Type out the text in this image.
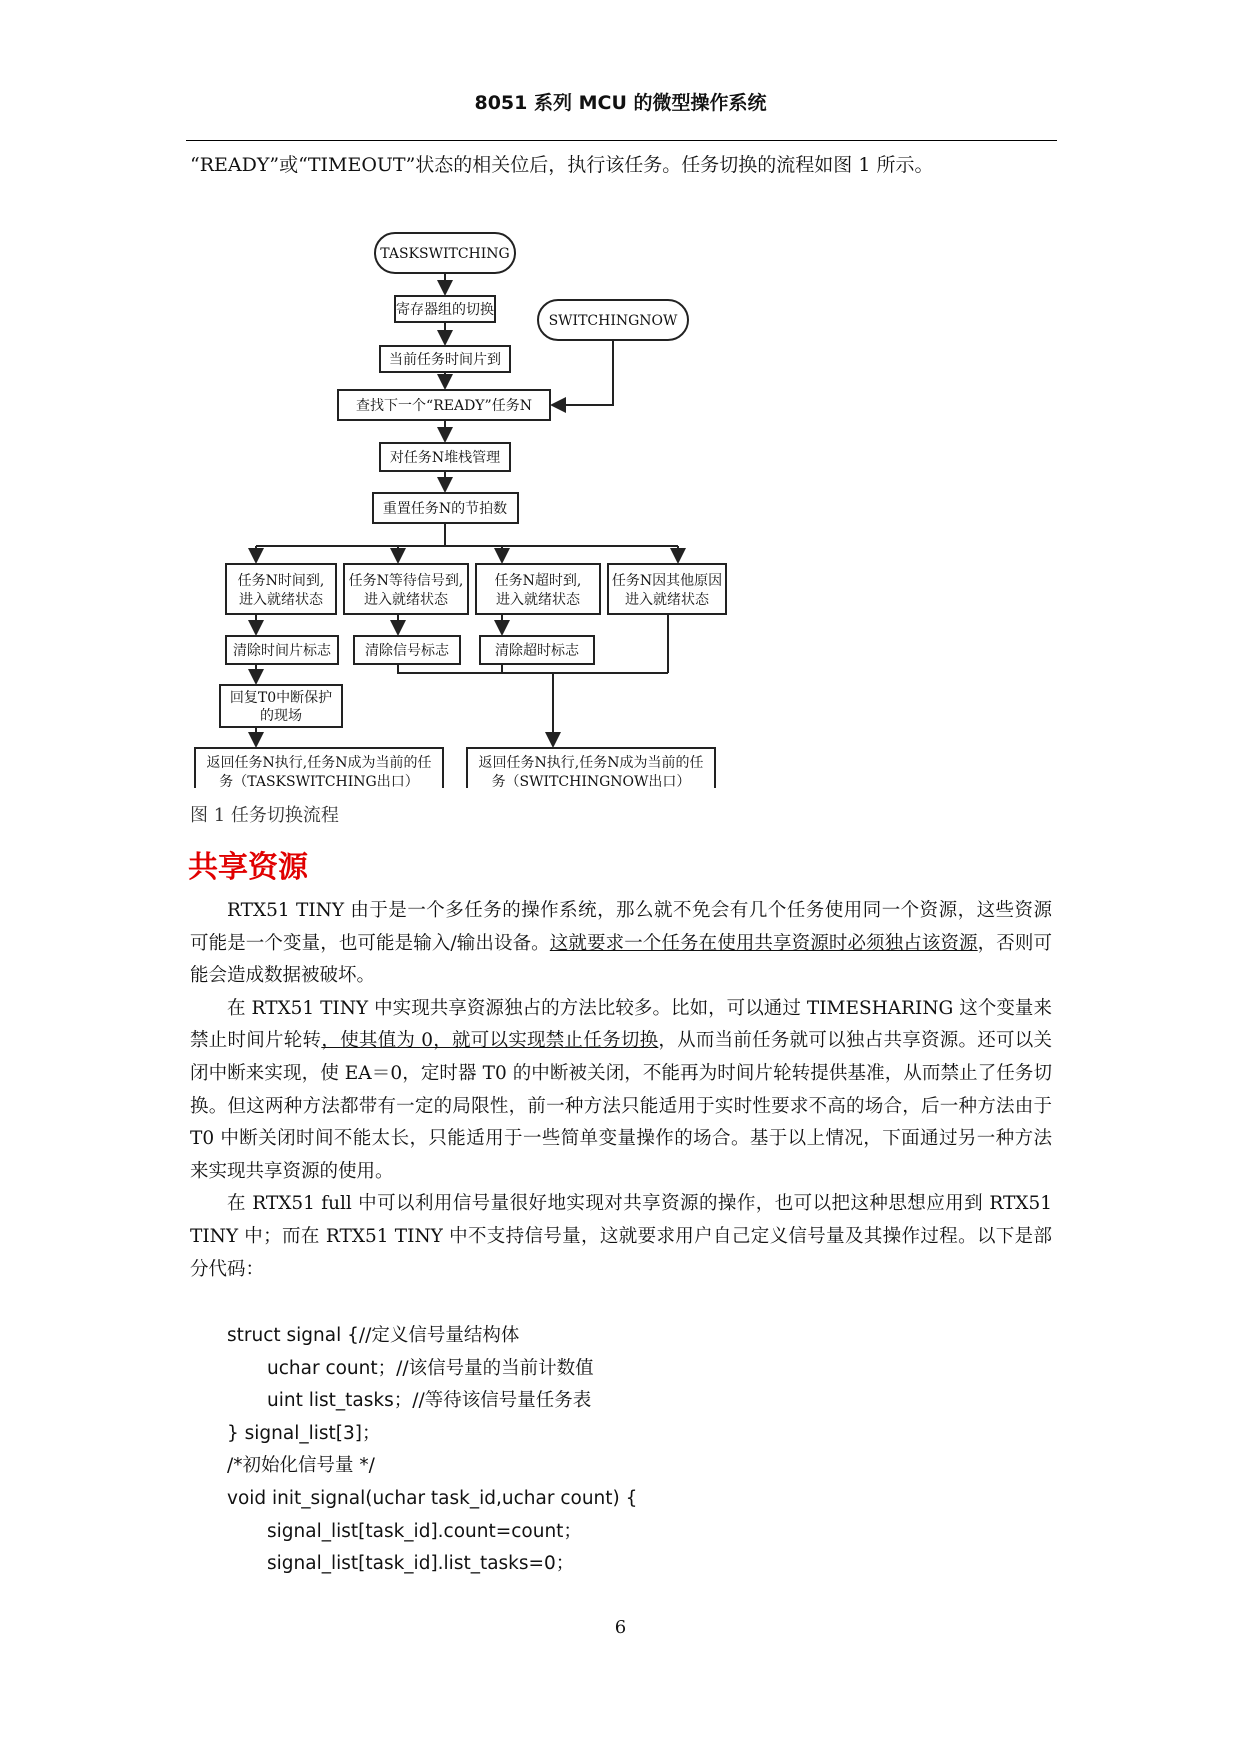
8051 系列 MCU 的微型操作系统

“READY”或“TIMEOUT”状态的相关位后，执行该任务。任务切换的流程如图 1 所示。

TASKSWITCHING
SWITCHINGNOW
寄存器组的切换
当前任务时间片到
查找下一个“READY”任务N
对任务N堆栈管理
重置任务N的节拍数
任务N时间到,
进入就绪状态
任务N等待信号到,
进入就绪状态
任务N超时到,
进入就绪状态
任务N因其他原因
进入就绪状态
清除时间片标志 清除信号标志	清除超时标志
回复T0中断保护
的现场
返回任务N执行,任务N成为当前的任
务（TASKSWITCHING出口）
返回任务N执行,任务N成为当前的任
务（SWITCHINGNOW出口）
图 1 任务切换流程
共享资源

RTX51 TINY 由于是一个多任务的操作系统，那么就不免会有几个任务使用同一个资源，这些资源可能是一个变量，也可能是输入/输出设备。这就要求一个任务在使用共享资源时必须独占该资源，否则可能会造成数据被破坏。

在 RTX51 TINY 中实现共享资源独占的方法比较多。比如，可以通过 TIMESHARING 这个变量来禁止时间片轮转，使其值为 0，就可以实现禁止任务切换，从而当前任务就可以独占共享资源。还可以关闭中断来实现，使 EA＝0，定时器 T0 的中断被关闭，不能再为时间片轮转提供基准，从而禁止了任务切换。但这两种方法都带有一定的局限性，前一种方法只能适用于实时性要求不高的场合，后一种方法由于 T0 中断关闭时间不能太长，只能适用于一些简单变量操作的场合。基于以上情况，下面通过另一种方法来实现共享资源的使用。

在 RTX51 full 中可以利用信号量很好地实现对共享资源的操作，也可以把这种思想应用到 RTX51 TINY 中；而在 RTX51 TINY 中不支持信号量，这就要求用户自己定义信号量及其操作过程。以下是部分代码：

struct signal {//定义信号量结构体
uchar count；//该信号量的当前计数值
uint list_tasks；//等待该信号量任务表
} signal_list[3]；
/*初始化信号量 */
void init_signal(uchar task_id,uchar count) {
signal_list[task_id].count=count；
signal_list[task_id].list_tasks=0；
6
